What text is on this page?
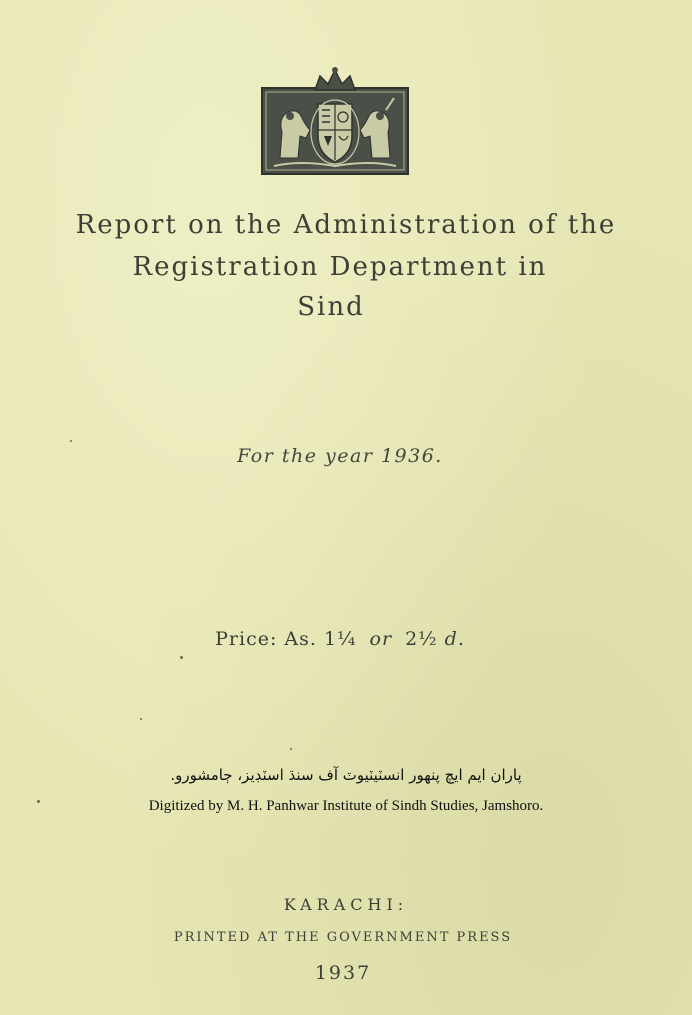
Report on the Administration of the
Registration Department in
Sind
For the year 1936.
Price: As. 1¼ or 2½ d.
پاران ايم ايچ پنهور انسٽيٽيوٽ آف سنڌ اسٽڊيز، ڄامشورو.
Digitized by M. H. Panhwar Institute of Sindh Studies, Jamshoro.
KARACHI:
PRINTED AT THE GOVERNMENT PRESS
1937
